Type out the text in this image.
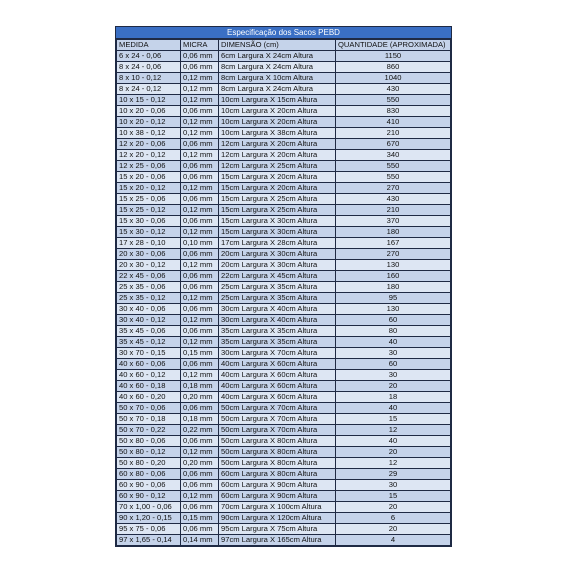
Especificação dos Sacos PEBD
MEDIDA	MICRA	DIMENSÃO (cm)	QUANTIDADE (APROXIMADA)
6 x 24 - 0,06	0,06 mm	6cm Largura X 24cm Altura	1150
8 x 24 - 0,06	0,06 mm	8cm Largura X 24cm Altura	860
8 x 10 - 0,12	0,12 mm	8cm Largura X 10cm Altura	1040
8 x 24 - 0,12	0,12 mm	8cm Largura X 24cm Altura	430
10 x 15 - 0,12	0,12 mm	10cm Largura X 15cm Altura	550
10 x 20 - 0,06	0,06 mm	10cm Largura X 20cm Altura	830
10 x 20 - 0,12	0,12 mm	10cm Largura X 20cm Altura	410
10 x 38 - 0,12	0,12 mm	10cm Largura X 38cm Altura	210
12 x 20 - 0,06	0,06 mm	12cm Largura X 20cm Altura	670
12 x 20 - 0,12	0,12 mm	12cm Largura X 20cm Altura	340
12 x 25 - 0,06	0,06 mm	12cm Largura X 25cm Altura	550
15 x 20 - 0,06	0,06 mm	15cm Largura X 20cm Altura	550
15 x 20 - 0,12	0,12 mm	15cm Largura X 20cm Altura	270
15 x 25 - 0,06	0,06 mm	15cm Largura X 25cm Altura	430
15 x 25 - 0,12	0,12 mm	15cm Largura X 25cm Altura	210
15 x 30 - 0,06	0,06 mm	15cm Largura X 30cm Altura	370
15 x 30 - 0,12	0,12 mm	15cm Largura X 30cm Altura	180
17 x 28 - 0,10	0,10 mm	17cm Largura X 28cm Altura	167
20 x 30 - 0,06	0,06 mm	20cm Largura X 30cm Altura	270
20 x 30 - 0,12	0,12 mm	20cm Largura X 30cm Altura	130
22 x 45 - 0,06	0,06 mm	22cm Largura X 45cm Altura	160
25 x 35 - 0,06	0,06 mm	25cm Largura X 35cm Altura	180
25 x 35 - 0,12	0,12 mm	25cm Largura X 35cm Altura	95
30 x 40 - 0,06	0,06 mm	30cm Largura X 40cm Altura	130
30 x 40 - 0,12	0,12 mm	30cm Largura X 40cm Altura	60
35 x 45 - 0,06	0,06 mm	35cm Largura X 35cm Altura	80
35 x 45 - 0,12	0,12 mm	35cm Largura X 35cm Altura	40
30 x 70 - 0,15	0,15 mm	30cm Largura X 70cm Altura	30
40 x 60 - 0,06	0,06 mm	40cm Largura X 60cm Altura	60
40 x 60 - 0,12	0,12 mm	40cm Largura X 60cm Altura	30
40 x 60 - 0,18	0,18 mm	40cm Largura X 60cm Altura	20
40 x 60 - 0,20	0,20 mm	40cm Largura X 60cm Altura	18
50 x 70 - 0,06	0,06 mm	50cm Largura X 70cm Altura	40
50 x 70 - 0,18	0,18 mm	50cm Largura X 70cm Altura	15
50 x 70 - 0,22	0,22 mm	50cm Largura X 70cm Altura	12
50 x 80 - 0,06	0,06 mm	50cm Largura X 80cm Altura	40
50 x 80 - 0,12	0,12 mm	50cm Largura X 80cm Altura	20
50 x 80 - 0,20	0,20 mm	50cm Largura X 80cm Altura	12
60 x 80 - 0,06	0,06 mm	60cm Largura X 80cm Altura	29
60 x 90 - 0,06	0,06 mm	60cm Largura X 90cm Altura	30
60 x 90 - 0,12	0,12 mm	60cm Largura X 90cm Altura	15
70 x 1,00 - 0,06	0,06 mm	70cm Largura X 100cm Altura	20
90 x 1,20 - 0,15	0,15 mm	90cm Largura X 120cm Altura	6
95 x 75 - 0,06	0,06 mm	95cm Largura X 75cm Altura	20
97 x 1,65 - 0,14	0,14 mm	97cm Largura X 165cm Altura	4
